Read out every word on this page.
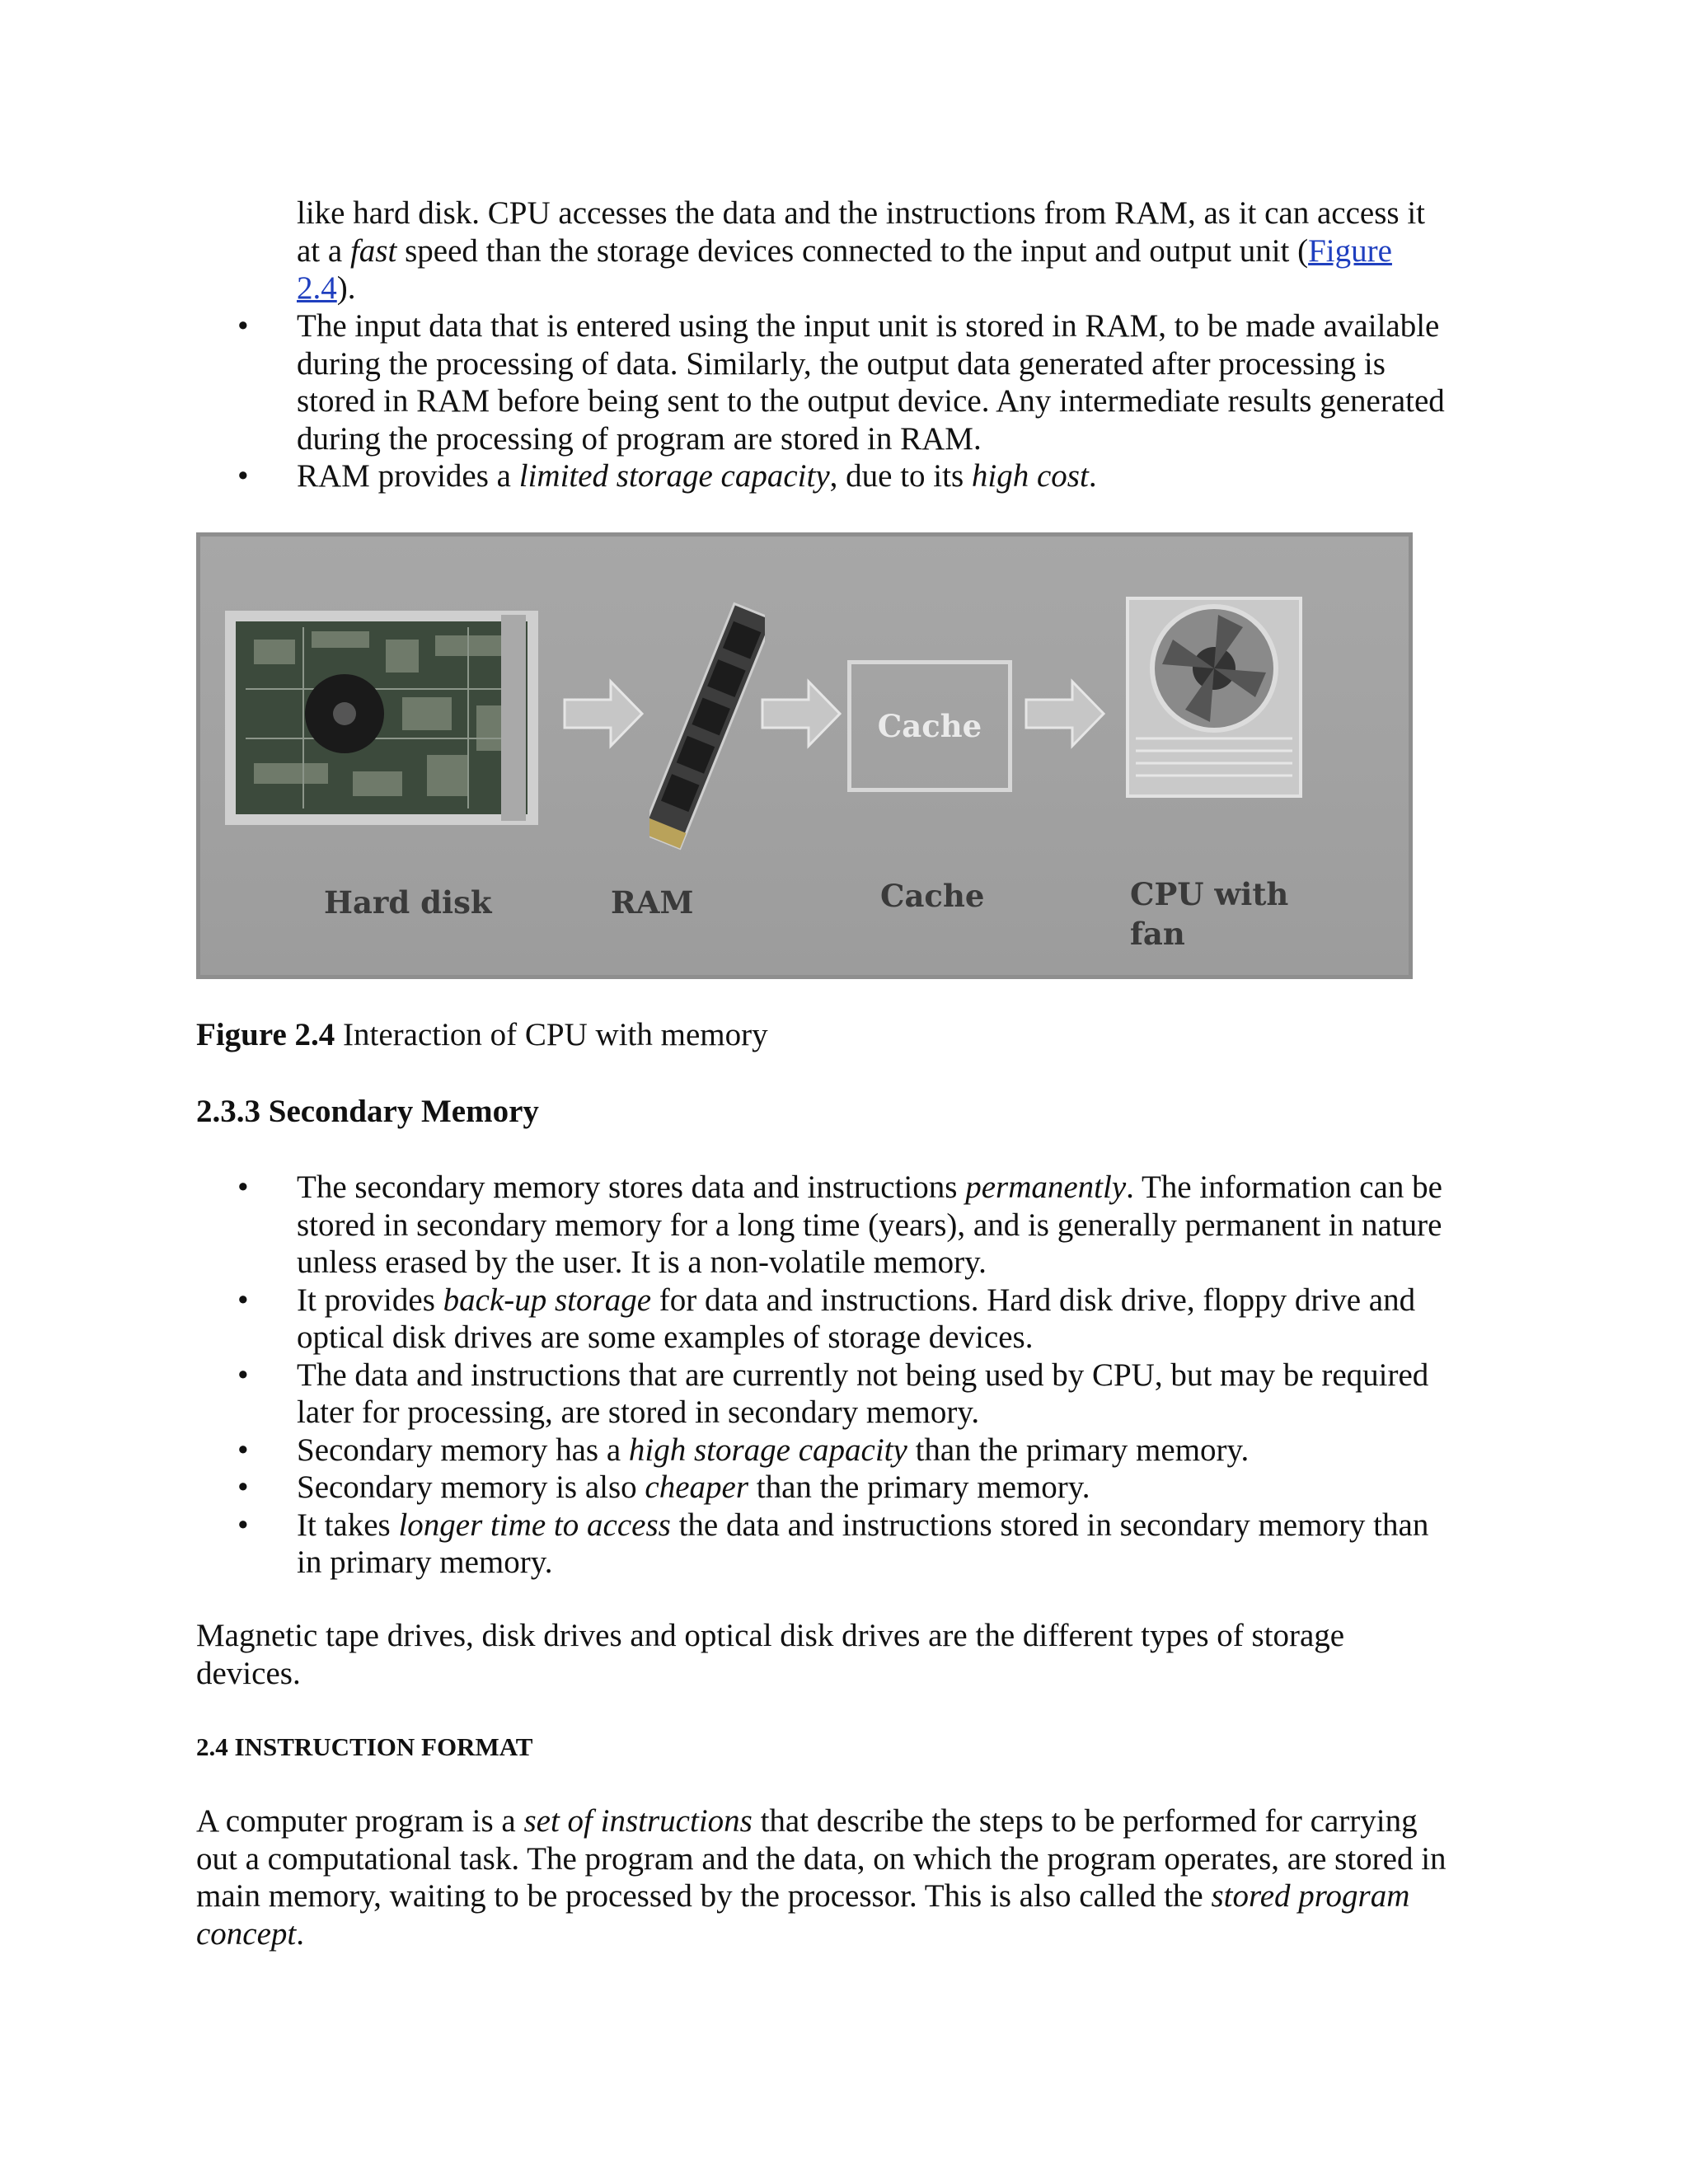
like hard disk. CPU accesses the data and the instructions from RAM, as it can access it
at a fast speed than the storage devices connected to the input and output unit (Figure
2.4).
• The input data that is entered using the input unit is stored in RAM, to be made available
during the processing of data. Similarly, the output data generated after processing is
stored in RAM before being sent to the output device. Any intermediate results generated
during the processing of program are stored in RAM.
• RAM provides a limited storage capacity, due to its high cost.
Cache
Hard disk	RAM	Cache	CPU with
fan

Figure 2.4 Interaction of CPU with memory

2.3.3 Secondary Memory
• The secondary memory stores data and instructions permanently. The information can be
stored in secondary memory for a long time (years), and is generally permanent in nature
unless erased by the user. It is a non-volatile memory.
• It provides back-up storage for data and instructions. Hard disk drive, floppy drive and
optical disk drives are some examples of storage devices.
• The data and instructions that are currently not being used by CPU, but may be required
later for processing, are stored in secondary memory.
• Secondary memory has a high storage capacity than the primary memory.
• Secondary memory is also cheaper than the primary memory.
• It takes longer time to access the data and instructions stored in secondary memory than
in primary memory.
Magnetic tape drives, disk drives and optical disk drives are the different types of storage
devices.
2.4 INSTRUCTION FORMAT
A computer program is a set of instructions that describe the steps to be performed for carrying
out a computational task. The program and the data, on which the program operates, are stored in
main memory, waiting to be processed by the processor. This is also called the stored program
concept.
